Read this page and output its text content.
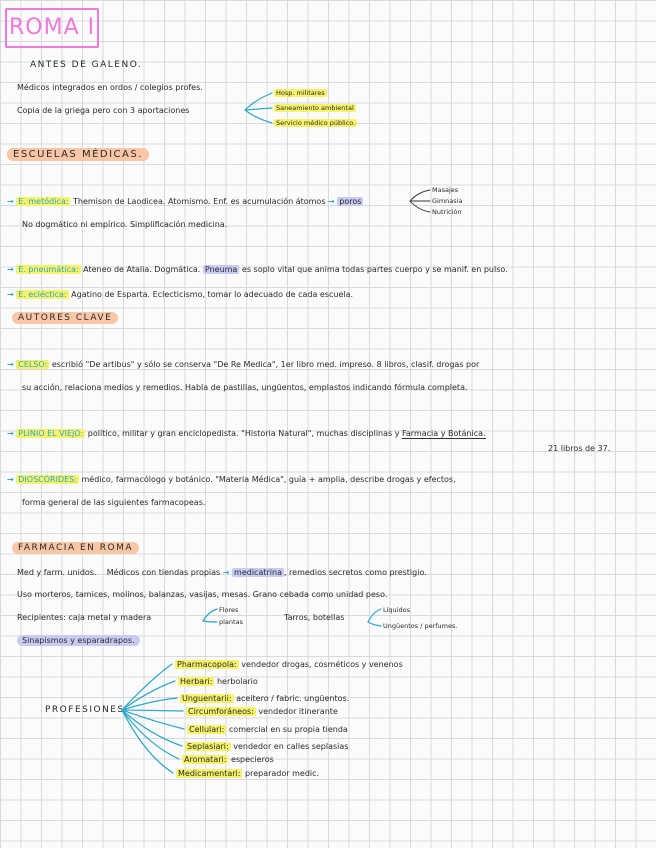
ROMA I
ANTES DE GALENO.
Médicos integrados en ordos / colegios profes.
Copia de la griega pero con 3 aportaciones
Hosp. militares
Saneamiento ambiental
Servicio médico público.
ESCUELAS MÉDICAS.
→ E. metódica: Themison de Laodicea. Atomismo. Enf. es acumulación átomos → poros
Masajes
Gimnasia
Nutrición
No dogmático ni empírico. Simplificación medicina.
→ E. pneumática: Ateneo de Atalia. Dogmática. Pneuma es soplo vital que anima todas partes cuerpo y se manif. en pulso.
→ E. ecléctica: Agatino de Esparta. Eclecticismo, tomar lo adecuado de cada escuela.
AUTORES CLAVE
→ CELSO: escribió "De artibus" y sólo se conserva "De Re Medica", 1er libro med. impreso. 8 libros, clasif. drogas por
su acción, relaciona medios y remedios. Habla de pastillas, ungüentos, emplastos indicando fórmula completa.
→ PLINIO EL VIEJO: político, militar y gran enciclopedista. "Historia Natural", muchas disciplinas y Farmacia y Botánica.
21 libros de 37.
→ DIOSCÓRIDES: médico, farmacólogo y botánico. "Materia Médica", guía + amplia, describe drogas y efectos,
forma general de las siguientes farmacopeas.
FARMACIA EN ROMA
Med y farm. unidos. Médicos con tiendas propias → medicatrina , remedios secretos como prestigio.
Uso morteros, tamices, molinos, balanzas, vasijas, mesas. Grano cebada como unidad peso.
Recipientes: caja metal y madera
Flores
plantas	Tarros, botellas
Líquidos
Ungüentos / perfumes.
Sinapismos y esparadrapos.
PROFESIONES
Pharmacopola: vendedor drogas, cosméticos y venenos
Herbari: herbolario
Unguentarii: aceitero / fabric. ungüentos.
Circumforáneos: vendedor itinerante
Cellulari: comercial en su propia tienda
Seplasiari: vendedor en calles seplasias
Aromatari: especieros
Medicamentari: preparador medic.
